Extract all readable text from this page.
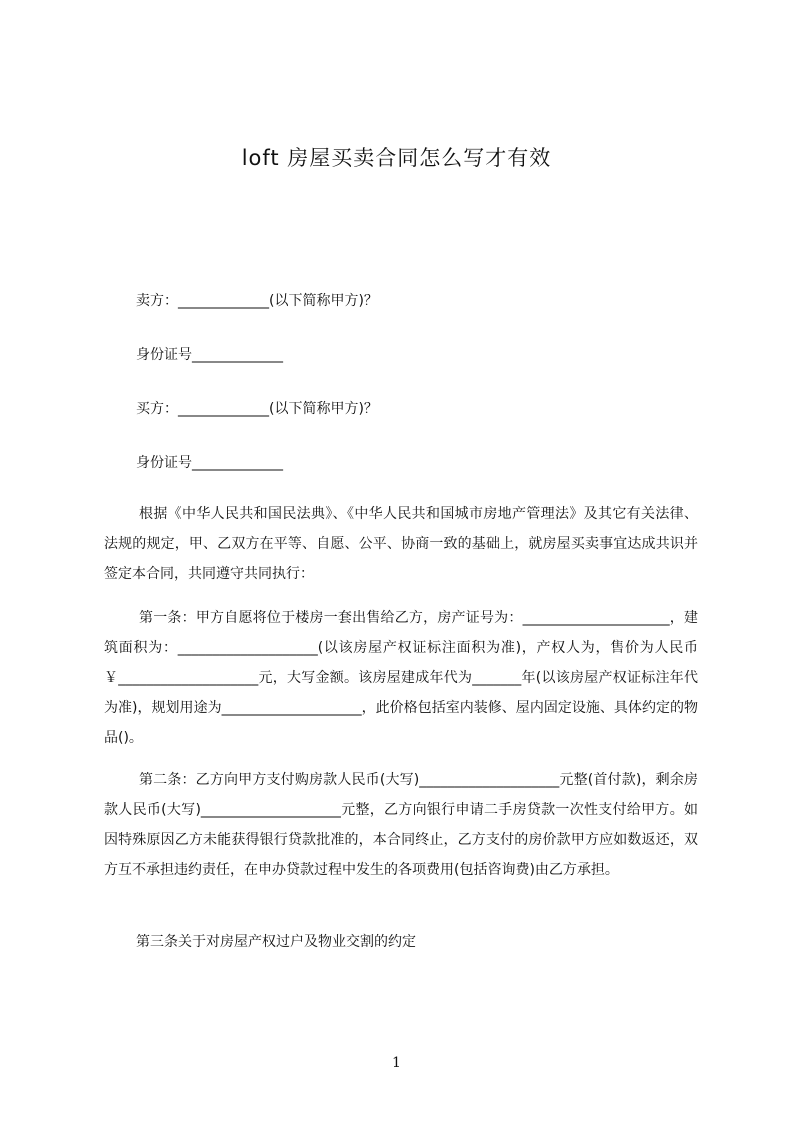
loft 房屋买卖合同怎么写才有效
卖方：_____________(以下简称甲方)？
身份证号_____________
买方：_____________(以下简称甲方)？
身份证号_____________
根据《中华人民共和国民法典》、《中华人民共和国城市房地产管理法》及其它有关法律、法规的规定，甲、乙双方在平等、自愿、公平、协商一致的基础上，就房屋买卖事宜达成共识并签定本合同，共同遵守共同执行：
第一条：甲方自愿将位于楼房一套出售给乙方，房产证号为：_____________________，建筑面积为：____________________(以该房屋产权证标注面积为准)，产权人为，售价为人民币￥____________________元，大写金额。该房屋建成年代为_______年(以该房屋产权证标注年代为准)，规划用途为____________________，此价格包括室内装修、屋内固定设施、具体约定的物品()。
第二条：乙方向甲方支付购房款人民币(大写)____________________元整(首付款)，剩余房款人民币(大写)____________________元整，乙方向银行申请二手房贷款一次性支付给甲方。如因特殊原因乙方未能获得银行贷款批准的，本合同终止，乙方支付的房价款甲方应如数返还，双方互不承担违约责任，在申办贷款过程中发生的各项费用(包括咨询费)由乙方承担。
第三条关于对房屋产权过户及物业交割的约定
1
